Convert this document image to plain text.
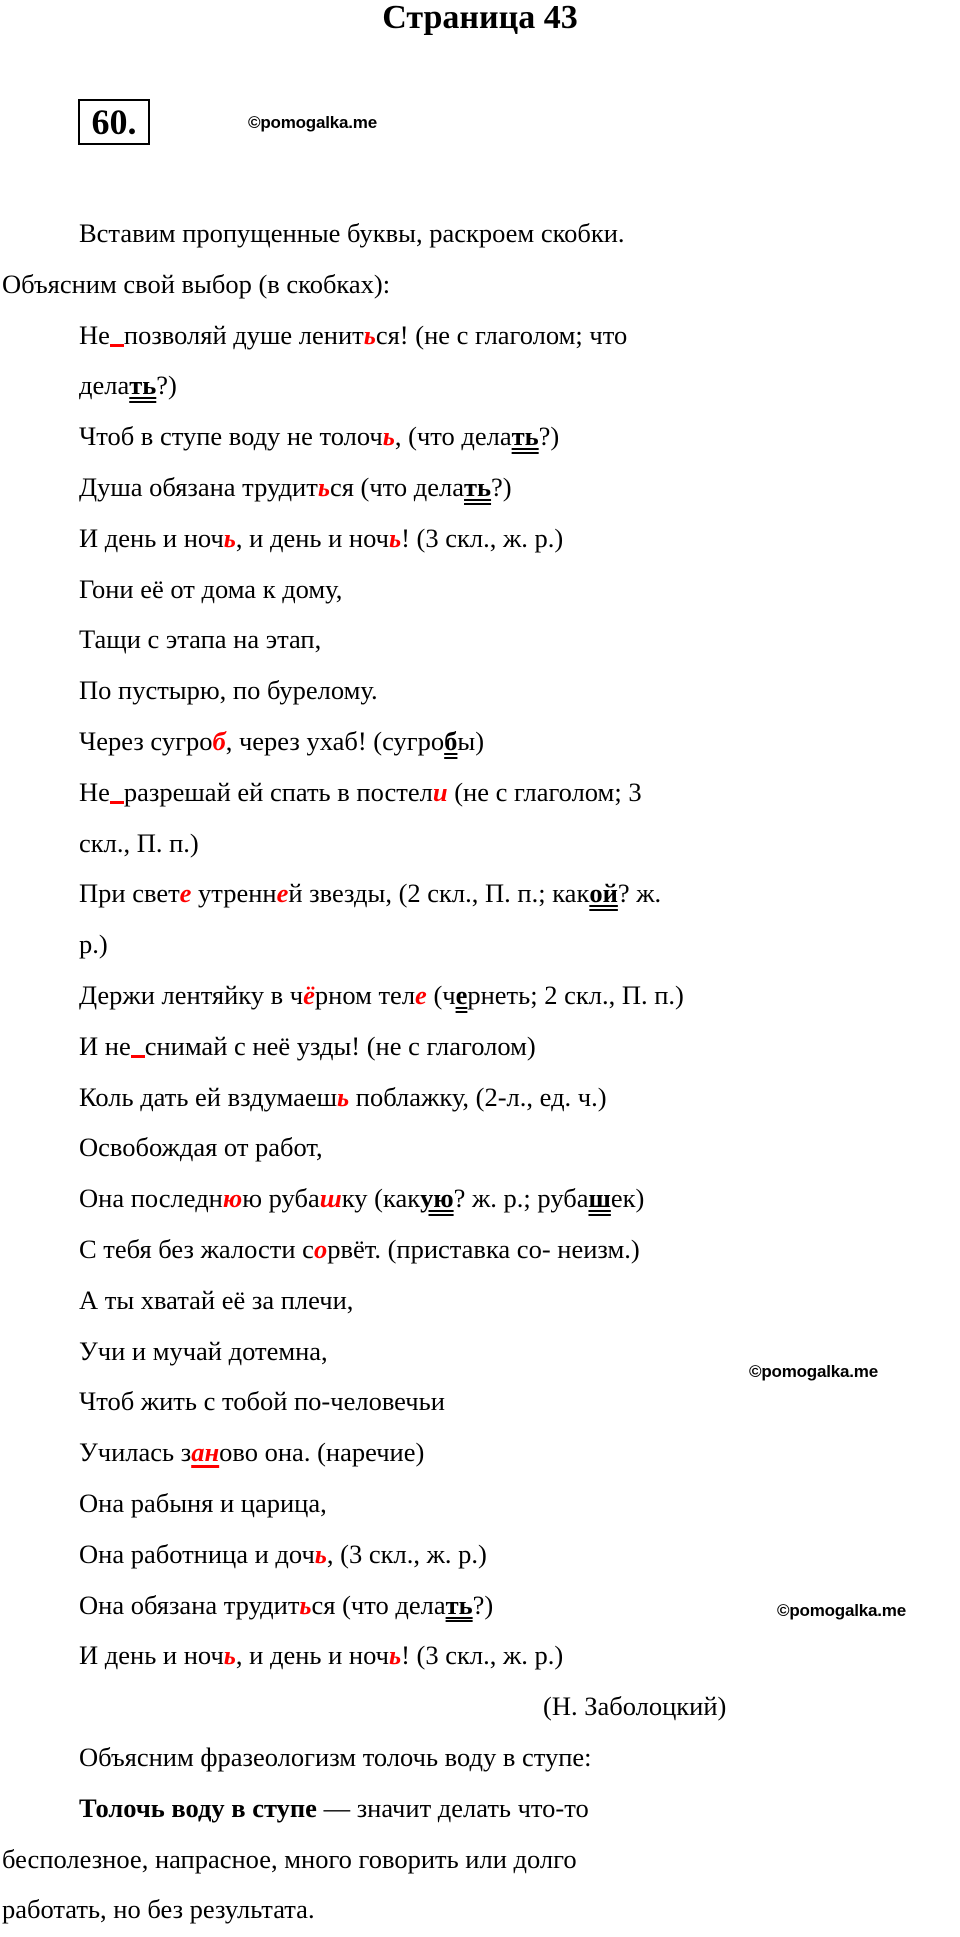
Страница 43
60.	©pomogalka.me
©pomogalka.me
©pomogalka.me
Вставим пропущенные буквы, раскроем скобки.
Объясним свой выбор (в скобках):
Не позволяй душе лениться! (не с глаголом; что
делать?)
Чтоб в ступе воду не толочь, (что делать?)
Душа обязана трудиться (что делать?)
И день и ночь, и день и ночь! (3 скл., ж. р.)
Гони её от дома к дому,
Тащи с этапа на этап,
По пустырю, по бурелому.
Через сугроб, через ухаб! (сугробы)
Не разрешай ей спать в постели (не с глаголом; 3
скл., П. п.)
При свете утренней звезды, (2 скл., П. п.; какой? ж.
р.)
Держи лентяйку в чёрном теле (чернеть; 2 скл., П. п.)
И не снимай с неё узды! (не с глаголом)
Коль дать ей вздумаешь поблажку, (2-л., ед. ч.)
Освобождая от работ,
Она последнюю рубашку (какую? ж. р.; рубашек)
С тебя без жалости сорвёт. (приставка со- неизм.)
А ты хватай её за плечи,
Учи и мучай дотемна,
Чтоб жить с тобой по-человечьи
Училась заново она. (наречие)
Она рабыня и царица,
Она работница и дочь, (3 скл., ж. р.)
Она обязана трудиться (что делать?)
И день и ночь, и день и ночь! (3 скл., ж. р.)
(Н. Заболоцкий)
Объясним фразеологизм толочь воду в ступе:
Толочь воду в ступе — значит делать что-то
бесполезное, напрасное, много говорить или долго
работать, но без результата.
